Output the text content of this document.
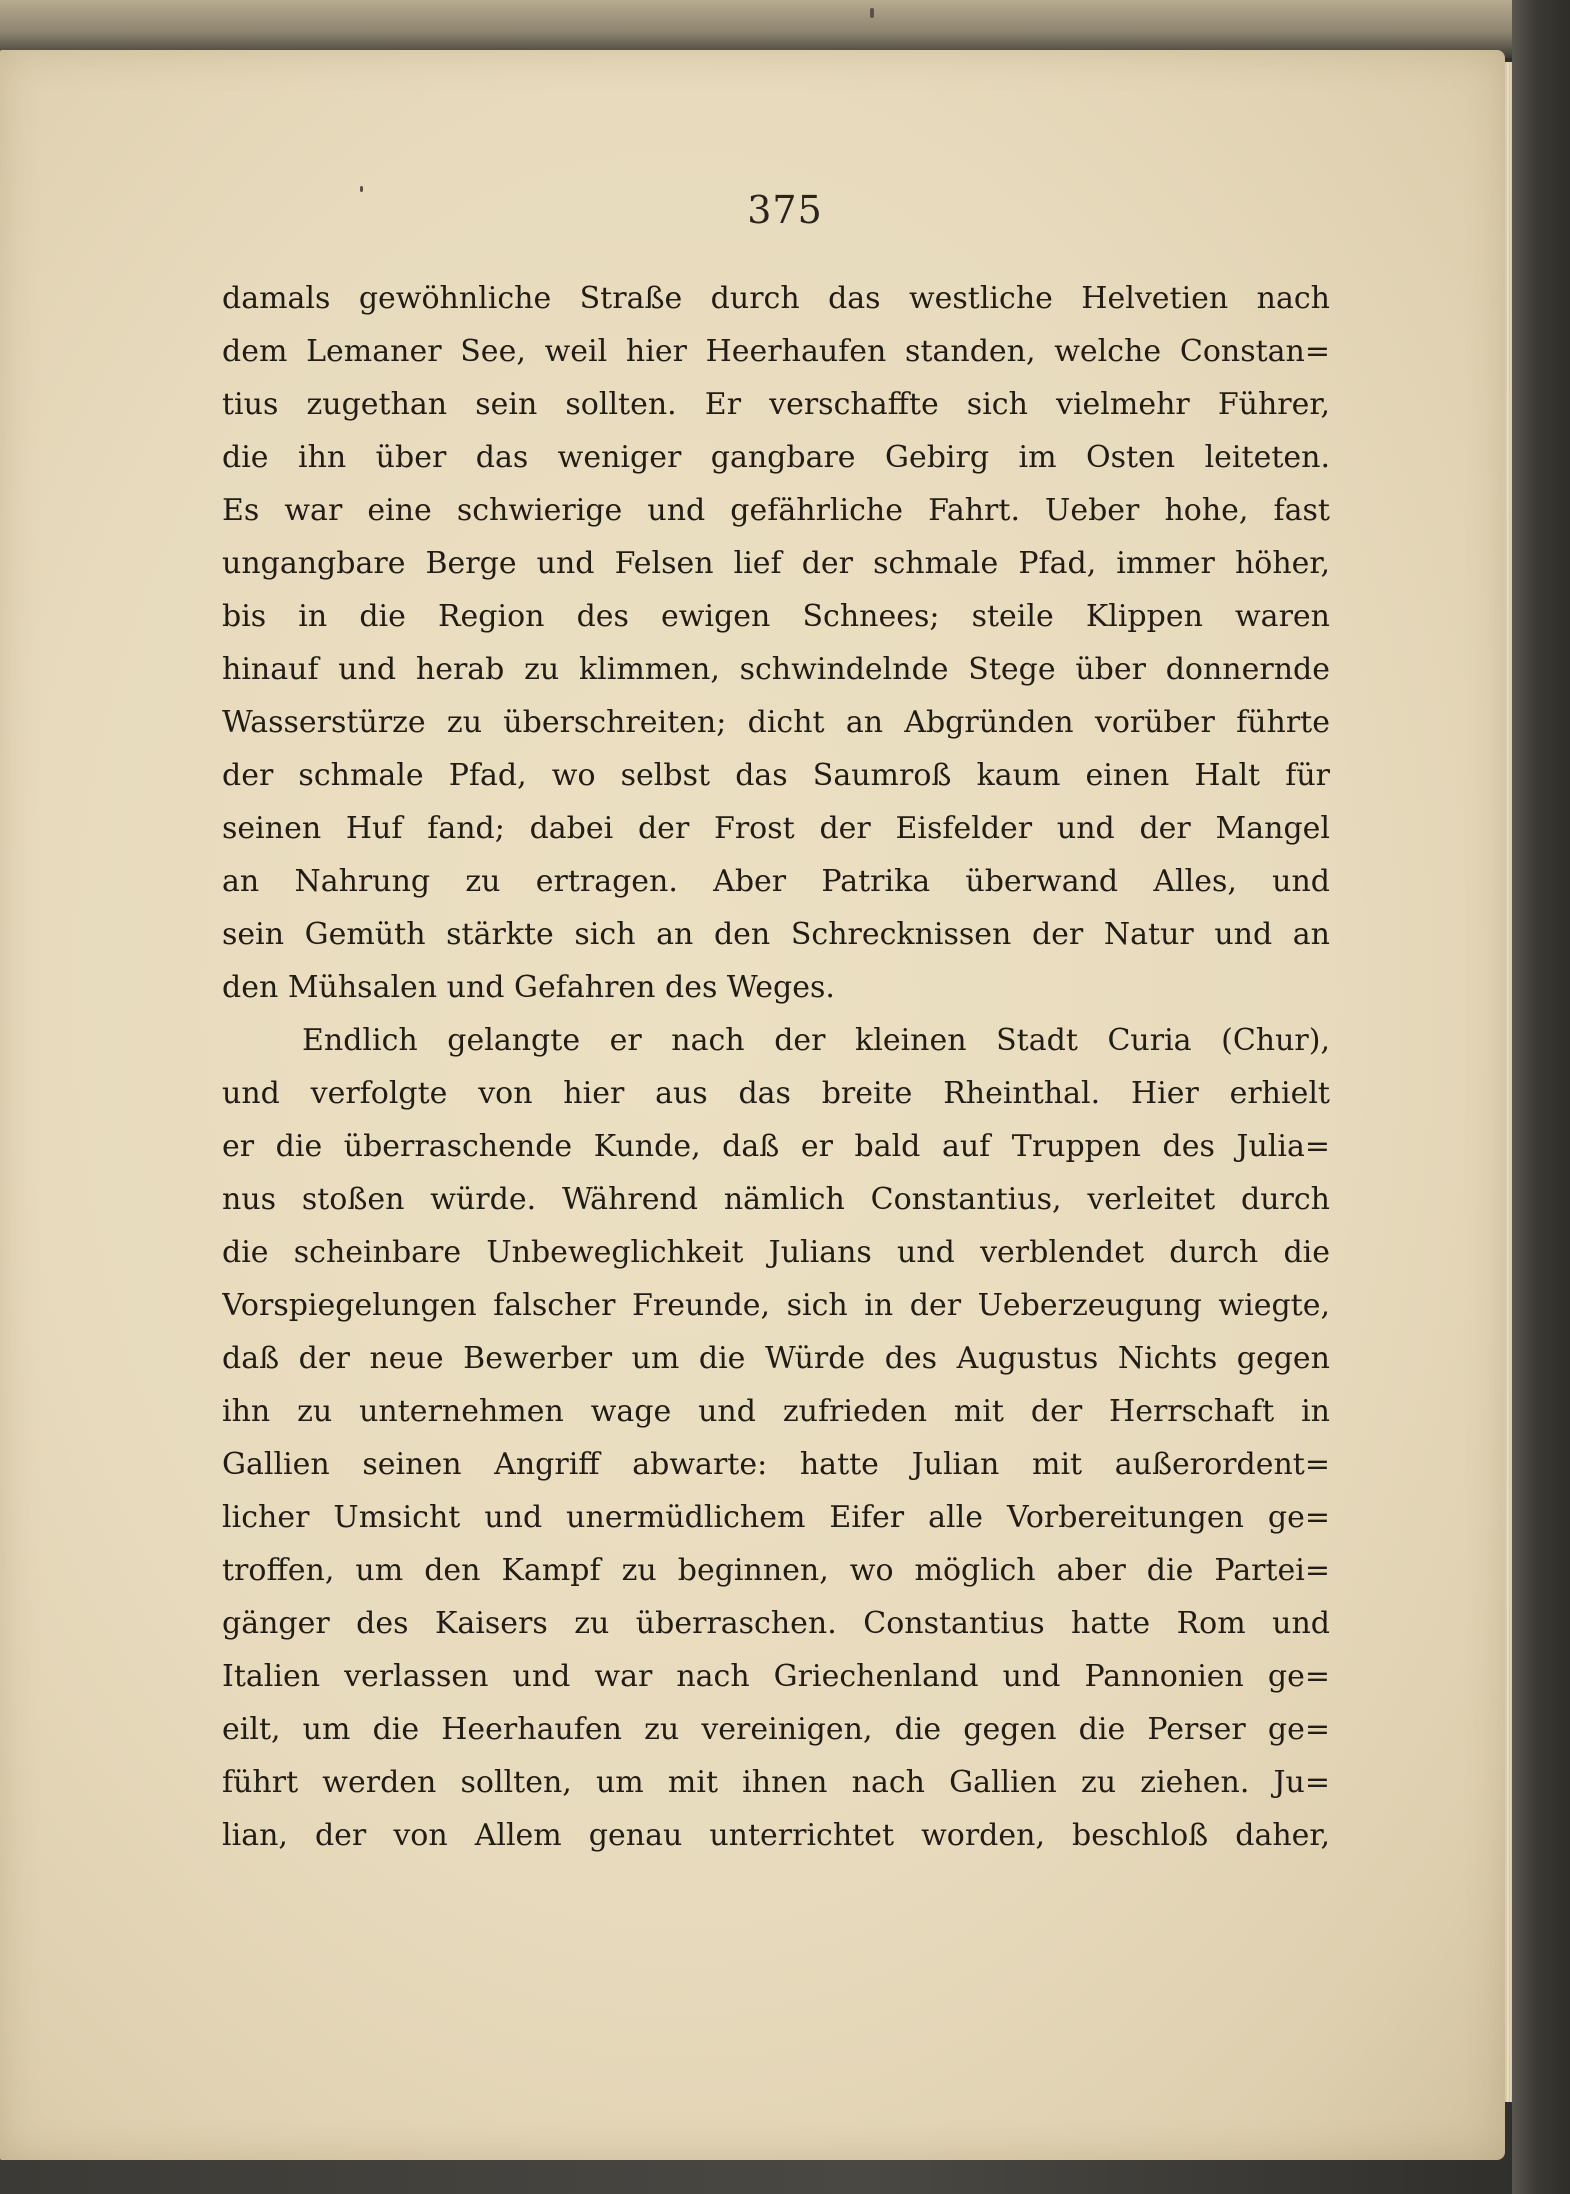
375
damals gewöhnliche Straße durch das westliche Helvetien nach
dem Lemaner See, weil hier Heerhaufen standen, welche Constan=
tius zugethan sein sollten. Er verschaffte sich vielmehr Führer,
die ihn über das weniger gangbare Gebirg im Osten leiteten.
Es war eine schwierige und gefährliche Fahrt. Ueber hohe, fast
ungangbare Berge und Felsen lief der schmale Pfad, immer höher,
bis in die Region des ewigen Schnees; steile Klippen waren
hinauf und herab zu klimmen, schwindelnde Stege über donnernde
Wasserstürze zu überschreiten; dicht an Abgründen vorüber führte
der schmale Pfad, wo selbst das Saumroß kaum einen Halt für
seinen Huf fand; dabei der Frost der Eisfelder und der Mangel
an Nahrung zu ertragen. Aber Patrika überwand Alles, und
sein Gemüth stärkte sich an den Schrecknissen der Natur und an
den Mühsalen und Gefahren des Weges.
Endlich gelangte er nach der kleinen Stadt Curia (Chur),
und verfolgte von hier aus das breite Rheinthal. Hier erhielt
er die überraschende Kunde, daß er bald auf Truppen des Julia=
nus stoßen würde. Während nämlich Constantius, verleitet durch
die scheinbare Unbeweglichkeit Julians und verblendet durch die
Vorspiegelungen falscher Freunde, sich in der Ueberzeugung wiegte,
daß der neue Bewerber um die Würde des Augustus Nichts gegen
ihn zu unternehmen wage und zufrieden mit der Herrschaft in
Gallien seinen Angriff abwarte: hatte Julian mit außerordent=
licher Umsicht und unermüdlichem Eifer alle Vorbereitungen ge=
troffen, um den Kampf zu beginnen, wo möglich aber die Partei=
gänger des Kaisers zu überraschen. Constantius hatte Rom und
Italien verlassen und war nach Griechenland und Pannonien ge=
eilt, um die Heerhaufen zu vereinigen, die gegen die Perser ge=
führt werden sollten, um mit ihnen nach Gallien zu ziehen. Ju=
lian, der von Allem genau unterrichtet worden, beschloß daher,
